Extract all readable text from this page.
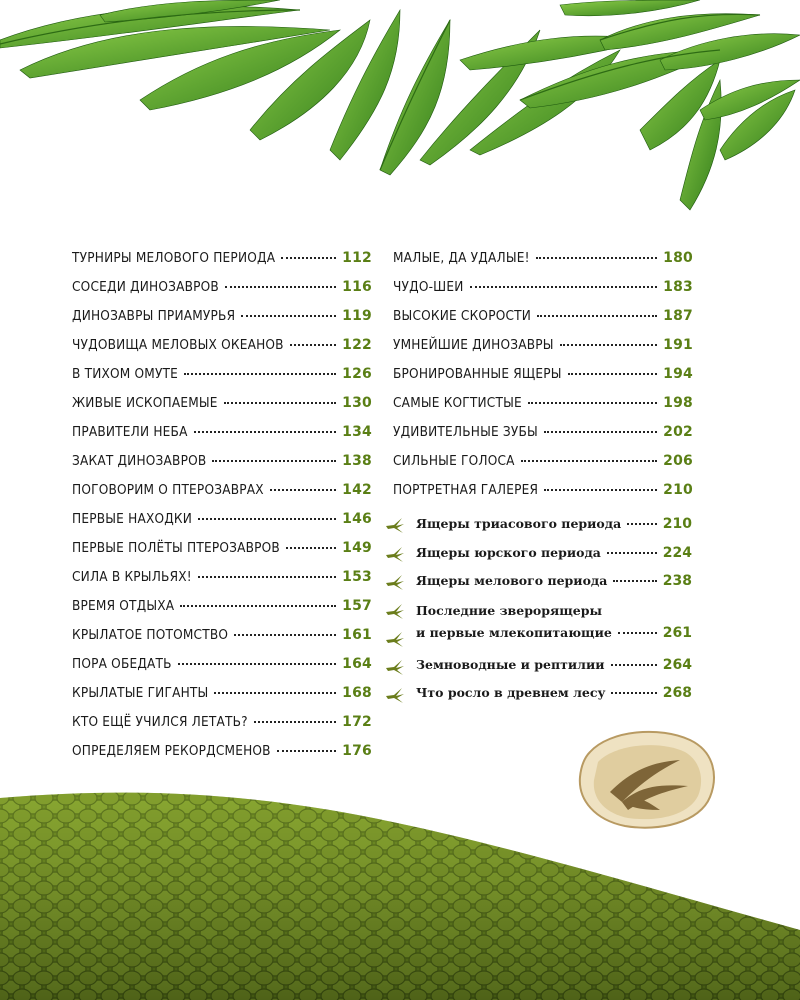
ТУРНИРЫ МЕЛОВОГО ПЕРИОДА	112
СОСЕДИ ДИНОЗАВРОВ	116
ДИНОЗАВРЫ ПРИАМУРЬЯ	119
ЧУДОВИЩА МЕЛОВЫХ ОКЕАНОВ	122
В ТИХОМ ОМУТЕ	126
ЖИВЫЕ ИСКОПАЕМЫЕ	130
ПРАВИТЕЛИ НЕБА	134
ЗАКАТ ДИНОЗАВРОВ	138
ПОГОВОРИМ О ПТЕРОЗАВРАХ	142
ПЕРВЫЕ НАХОДКИ	146
ПЕРВЫЕ ПОЛЁТЫ ПТЕРОЗАВРОВ	149
СИЛА В КРЫЛЬЯХ!	153
ВРЕМЯ ОТДЫХА	157
КРЫЛАТОЕ ПОТОМСТВО	161
ПОРА ОБЕДАТЬ	164
КРЫЛАТЫЕ ГИГАНТЫ	168
КТО ЕЩЁ УЧИЛСЯ ЛЕТАТЬ?	172
ОПРЕДЕЛЯЕМ РЕКОРДСМЕНОВ	176
МАЛЫЕ, ДА УДАЛЫЕ!	180
ЧУДО-ШЕИ	183
ВЫСОКИЕ СКОРОСТИ	187
УМНЕЙШИЕ ДИНОЗАВРЫ	191
БРОНИРОВАННЫЕ ЯЩЕРЫ	194
САМЫЕ КОГТИСТЫЕ	198
УДИВИТЕЛЬНЫЕ ЗУБЫ	202
СИЛЬНЫЕ ГОЛОСА	206
ПОРТРЕТНАЯ ГАЛЕРЕЯ	210
Ящеры триасового периода	210
Ящеры юрского периода	224
Ящеры мелового периода	238
Последние зверорящеры
и первые млекопитающие	261
Земноводные и рептилии	264
Что росло в древнем лесу	268
